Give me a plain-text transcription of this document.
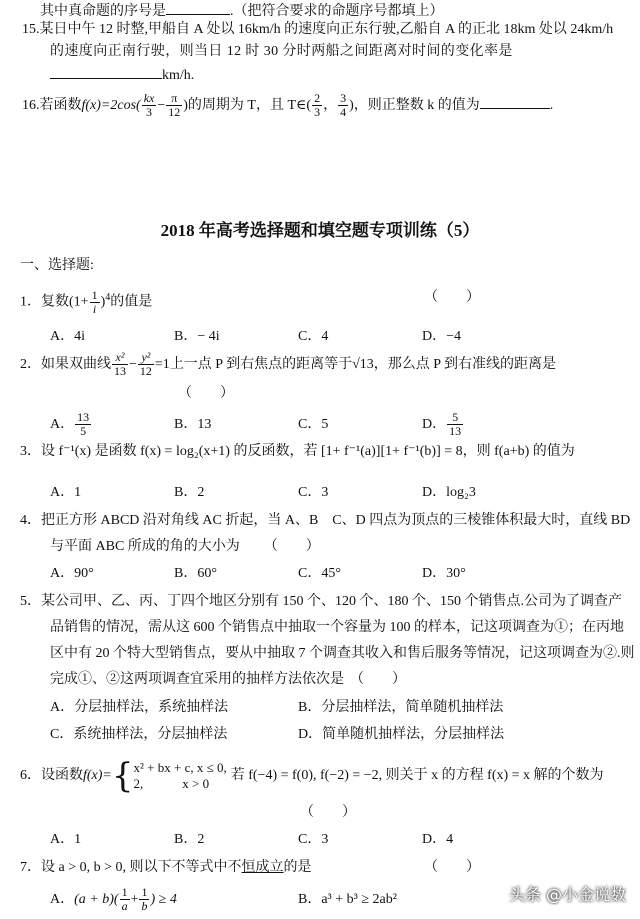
其中真命题的序号是	.（把符合要求的命题序号都填上）
15.某日中午 12 时整,甲船自 A 处以 16km/h 的速度向正东行驶,乙船自 A 的正北 18km 处以 24km/h
的速度向正南行驶，则当日 12 时 30 分时两船之间距离对时间的变化率是
km/h.
16.若函数$f(x)=2\cos( \frac{kx}{3} - \frac{\pi}{12}$ )的周期为 T，且 T∈( $\frac{2}{3}$ ， $\frac{3}{4}$ )，则正整数 k 的值为	.
2018 年高考选择题和填空题专项训练（5）
一、选择题:
1．复数$(1+ \frac{1}{i})^4$的值是	（　　）
A．4i	B．− 4i	C．4	D．−4
2．如果双曲线 $\frac{\text{x²}}{13} - \frac{\text{y²}}{12} =1$上一点 P 到右焦点的距离等于√13，那么点 P 到右准线的距离是
（　　）
A． $\frac{13}{5}$	B．13	C．5	D． $\frac{5}{13}$
3．设 f⁻¹(x) 是函数 f(x) = log₂(x+1) 的反函数，若 [1+ f⁻¹(a)][1+ f⁻¹(b)] = 8，则 f(a+b) 的值为
A．1	B．2	C．3	D．log₂3
4．把正方形 ABCD 沿对角线 AC 折起，当 A、B　C、D 四点为顶点的三棱锥体积最大时，直线 BD
与平面 ABC 所成的角的大小为 （　　）
A．90°	B．60°	C．45°	D．30°
5．某公司甲、乙、丙、丁四个地区分别有 150 个、120 个、180 个、150 个销售点.公司为了调查产
品销售的情况，需从这 600 个销售点中抽取一个容量为 100 的样本，记这项调查为①；在丙地
区中有 20 个特大型销售点，要从中抽取 7 个调查其收入和售后服务等情况，记这项调查为②.则
完成①、②这两项调查宜采用的抽样方法依次是 （　　）
A．分层抽样法，系统抽样法	B．分层抽样法，简单随机抽样法
C．系统抽样法，分层抽样法	D．简单随机抽样法，分层抽样法
6．设函数f(x)={ x² + bx + c, x ≤ 0,
2,　　　x > 0
若 f(−4) = f(0), f(−2) = −2, 则关于 x 的方程 f(x) = x 解的个数为
（　　）
A．1	B．2	C．3	D．4
7．设 a > 0, b > 0, 则以下不等式中不恒成立的是	（　　）
A．$(a + b)( \frac{1}{a}+ \frac{1}{b}) \ge 4$	B．a³ + b³ ≥ 2ab²	头条 @小金说数
